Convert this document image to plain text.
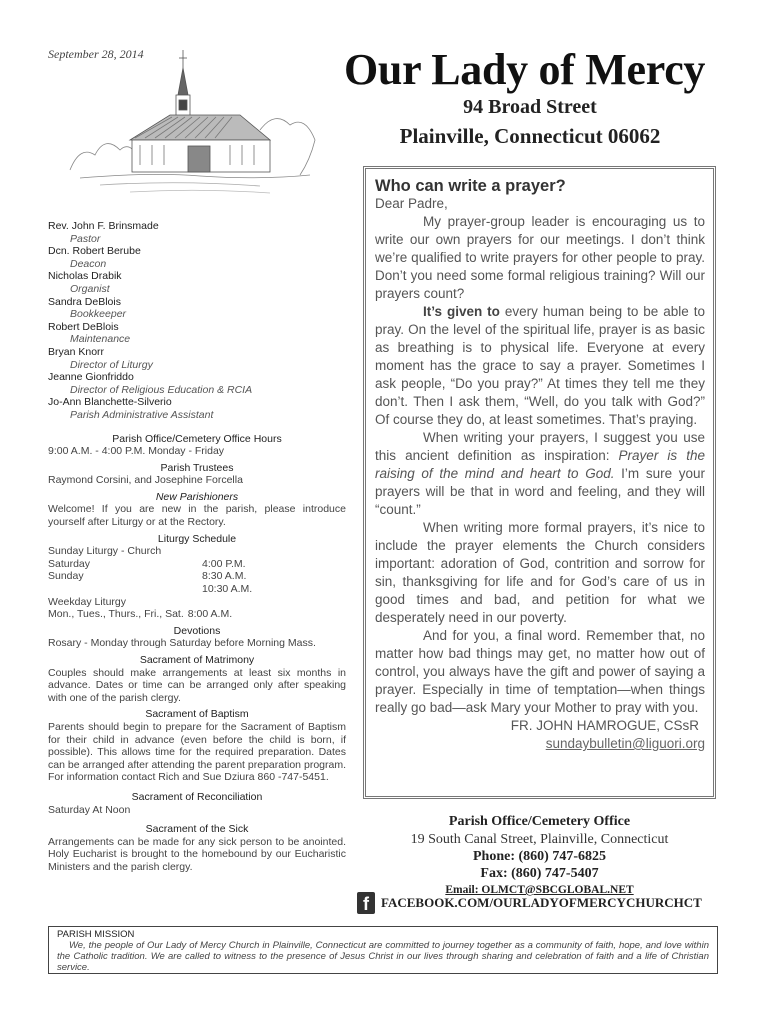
September 28, 2014	Our Lady of Mercy
94 Broad Street
Plainville, Connecticut 06062
Rev. John F. Brinsmade
Pastor
Dcn. Robert Berube
Deacon
Nicholas Drabik
Organist
Sandra DeBlois
Bookkeeper
Robert DeBlois
Maintenance
Bryan Knorr
Director of Liturgy
Jeanne Gionfriddo
Director of Religious Education & RCIA
Jo-Ann Blanchette-Silverio
Parish Administrative Assistant
Parish Office/Cemetery Office Hours
9:00 A.M. - 4:00 P.M. Monday - Friday
Parish Trustees
Raymond Corsini, and Josephine Forcella
New Parishioners
Welcome! If you are new in the parish, please introduce yourself after Liturgy or at the Rectory.
Liturgy Schedule
Sunday Liturgy - Church
Saturday	4:00 P.M.
Sunday	8:30 A.M.
10:30 A.M.
Weekday Liturgy
Mon., Tues., Thurs., Fri., Sat. 8:00 A.M.
Devotions
Rosary - Monday through Saturday before Morning Mass.
Sacrament of Matrimony
Couples should make arrangements at least six months in advance. Dates or time can be arranged only after speaking with one of the parish clergy.
Sacrament of Baptism
Parents should begin to prepare for the Sacrament of Baptism for their child in advance (even before the child is born, if possible). This allows time for the required preparation. Dates can be arranged after attending the parent preparation program. For information contact Rich and Sue Dziura 860 -747-5451.
Sacrament of Reconciliation
Saturday At Noon
Sacrament of the Sick
Arrangements can be made for any sick person to be anointed. Holy Eucharist is brought to the homebound by our Eucharistic Ministers and the parish clergy.
Who can write a prayer?

Dear Padre,

My prayer-group leader is encouraging us to write our own prayers for our meetings. I don’t think we’re qualified to write prayers for other people to pray. Don’t you need some formal religious training? Will our prayers count?

It’s given to every human being to be able to pray. On the level of the spiritual life, prayer is as basic as breathing is to physical life. Everyone at every moment has the grace to say a prayer. Sometimes I ask people, “Do you pray?” At times they tell me they don’t. Then I ask them, “Well, do you talk with God?” Of course they do, at least sometimes. That’s praying.

When writing your prayers, I suggest you use this ancient definition as inspiration: Prayer is the raising of the mind and heart to God. I’m sure your prayers will be that in word and feeling, and they will “count.”

When writing more formal prayers, it’s nice to include the prayer elements the Church considers important: adoration of God, contrition and sorrow for sin, thanksgiving for life and for God’s care of us in good times and bad, and petition for what we desperately need in our poverty.

And for you, a final word. Remember that, no matter how bad things may get, no matter how out of control, you always have the gift and power of saying a prayer. Especially in time of temptation—when things really go bad—ask Mary your Mother to pray with you.

FR. JOHN HAMROGUE, CSsR
sundaybulletin@liguori.org
Parish Office/Cemetery Office
19 South Canal Street, Plainville, Connecticut
Phone: (860) 747-6825
Fax: (860) 747-5407
Email: OLMCT@SBCGLOBAL.NET
f FACEBOOK.COM/OURLADYOFMERCYCHURCHCT
PARISH MISSION
We, the people of Our Lady of Mercy Church in Plainville, Connecticut are committed to journey together as a community of faith, hope, and love within the Catholic tradition. We are called to witness to the presence of Jesus Christ in our lives through sharing and celebration of faith and a life of Christian service.
